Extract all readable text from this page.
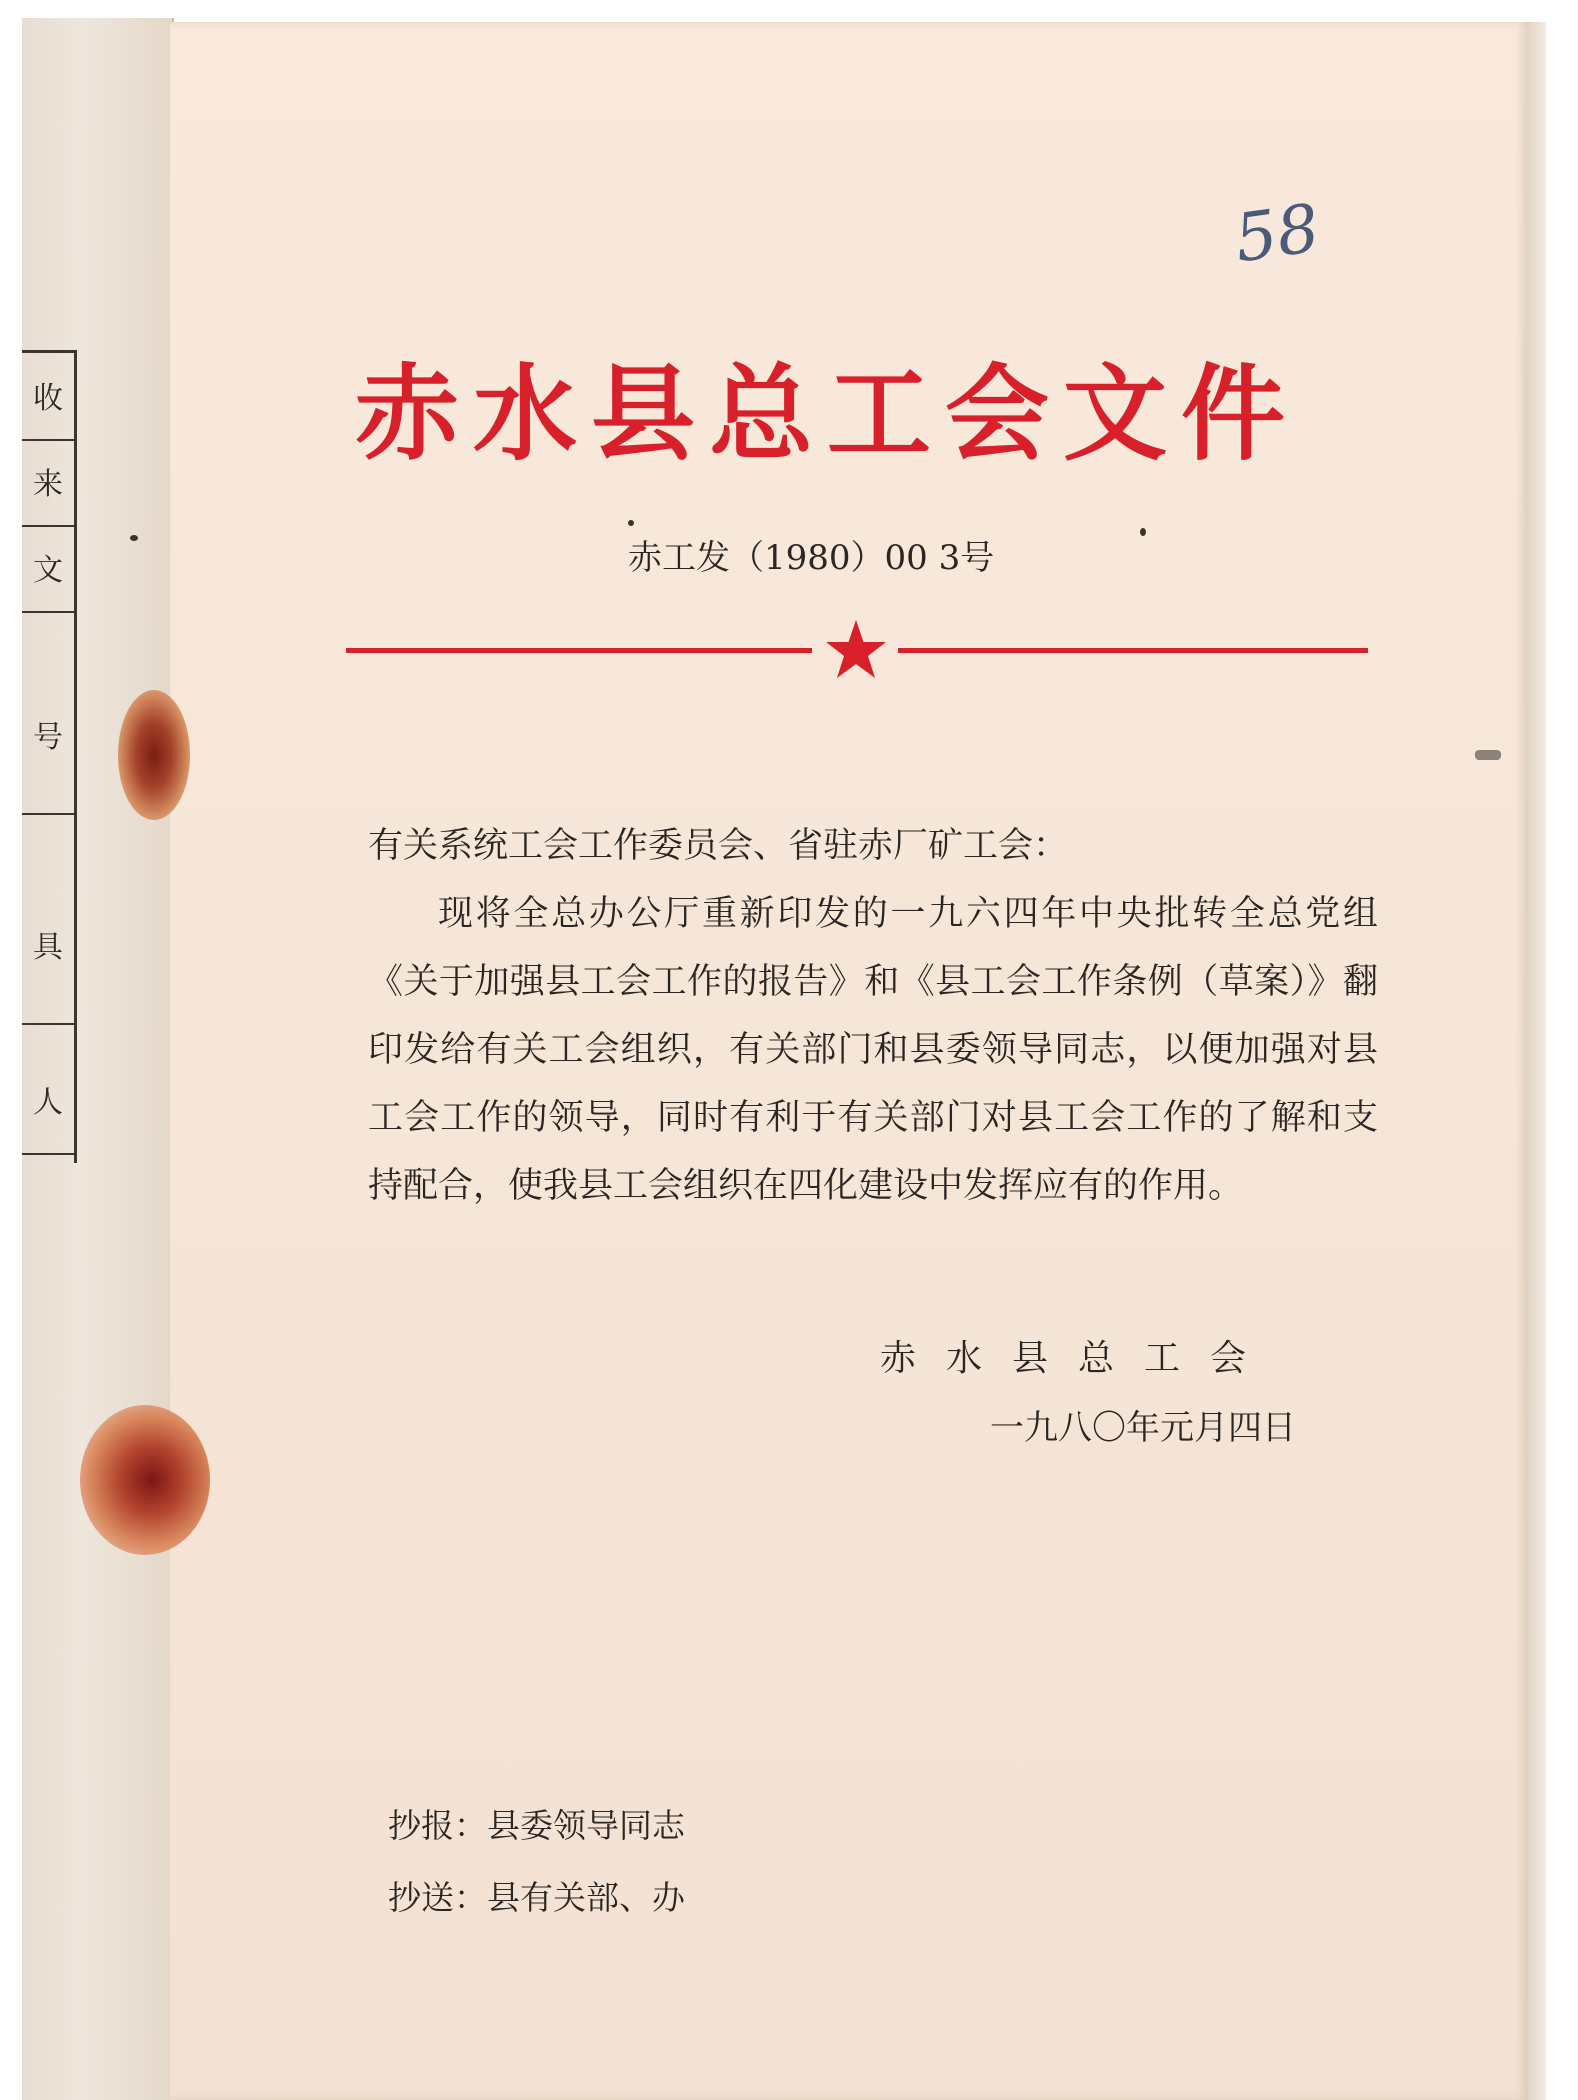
收
来
文
号
具
人
58
赤水县总工会文件
赤工发（1980）00 3号

有关系统工会工作委员会、省驻赤厂矿工会：

现将全总办公厅重新印发的一九六四年中央批转全总党组《关于加强县工会工作的报告》和《县工会工作条例（草案）》翻印发给有关工会组织，有关部门和县委领导同志，以便加强对县工会工作的领导，同时有利于有关部门对县工会工作的了解和支持配合，使我县工会组织在四化建设中发挥应有的作用。

赤水县总工会
一九八〇年元月四日
抄报：县委领导同志
抄送：县有关部、办
